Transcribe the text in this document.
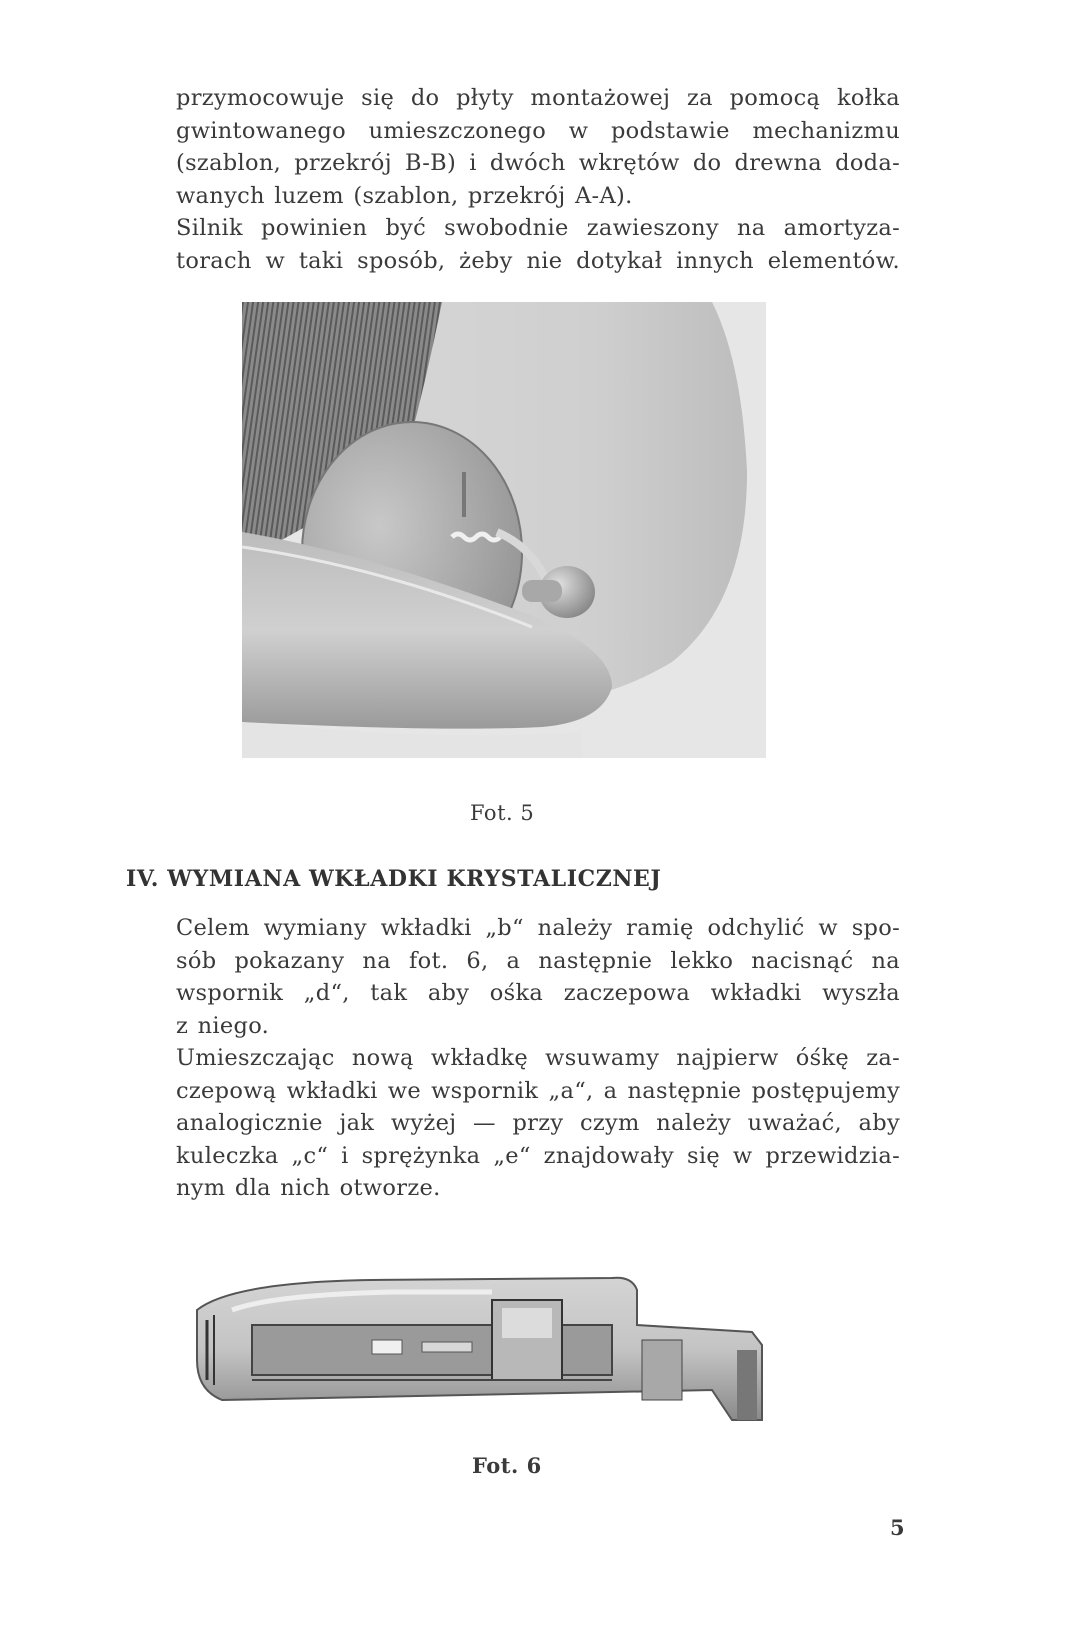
przymocowuje się do płyty montażowej za pomocą kołka
gwintowanego umieszczonego w podstawie mechanizmu
(szablon, przekrój B-B) i dwóch wkrętów do drewna doda-
wanych luzem (szablon, przekrój A-A).

Silnik powinien być swobodnie zawieszony na amortyza-
torach w taki sposób, żeby nie dotykał innych elementów.

Fot. 5
IV. WYMIANA WKŁADKI KRYSTALICZNEJ

Celem wymiany wkładki „b“ należy ramię odchylić w spo-
sób pokazany na fot. 6, a następnie lekko nacisnąć na
wspornik „d“, tak aby ośka zaczepowa wkładki wyszła
z niego.

Umieszczając nową wkładkę wsuwamy najpierw óśkę za-
czepową wkładki we wspornik „a“, a następnie postępujemy
analogicznie jak wyżej — przy czym należy uważać, aby
kuleczka „c“ i sprężynka „e“ znajdowały się w przewidzia-
nym dla nich otworze.

Fot. 6
5
